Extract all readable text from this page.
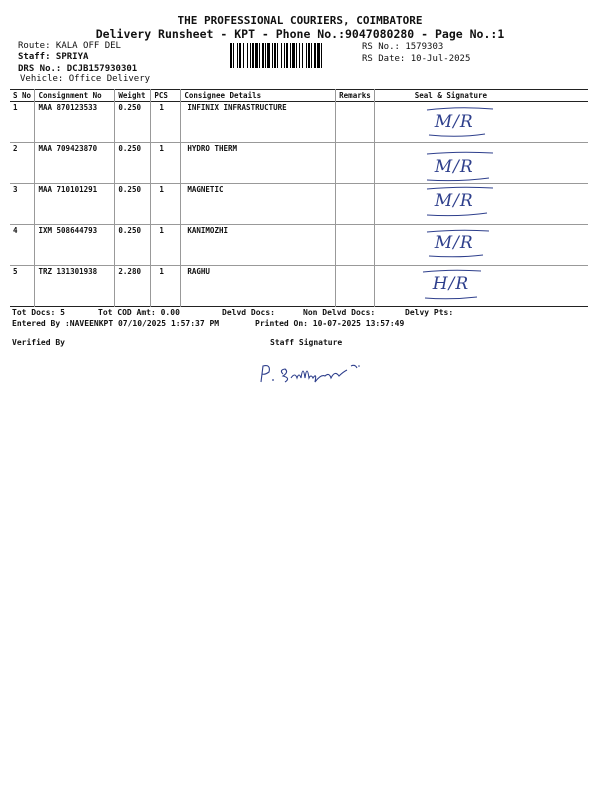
THE PROFESSIONAL COURIERS, COIMBATORE
Delivery Runsheet - KPT - Phone No.:9047080280 - Page No.:1
Route: KALA OFF DEL
Staff: SPRIYA
DRS No.: DCJB157930301
Vehicle: Office Delivery
RS No.: 1579303
RS Date: 10-Jul-2025
S No	Consignment No	Weight	PCS	Consignee Details	Remarks	Seal & Signature
1	MAA 870123533	0.250	1	INFINIX INFRASTRUCTURE		M/R

2	MAA 709423870	0.250	1	HYDRO THERM		M/R

3	MAA 710101291	0.250	1	MAGNETIC		M/R

4	IXM 508644793	0.250	1	KANIMOZHI		M/R

5	TRZ 131301938	2.280	1	RAGHU		H/R
Tot Docs: 5	Tot COD Amt: 0.00	Delvd Docs:	Non Delvd Docs:	Delvy Pts:
Entered By :NAVEENKPT 07/10/2025 1:57:37 PM	Printed On: 10-07-2025 13:57:49
Verified By	Staff Signature
